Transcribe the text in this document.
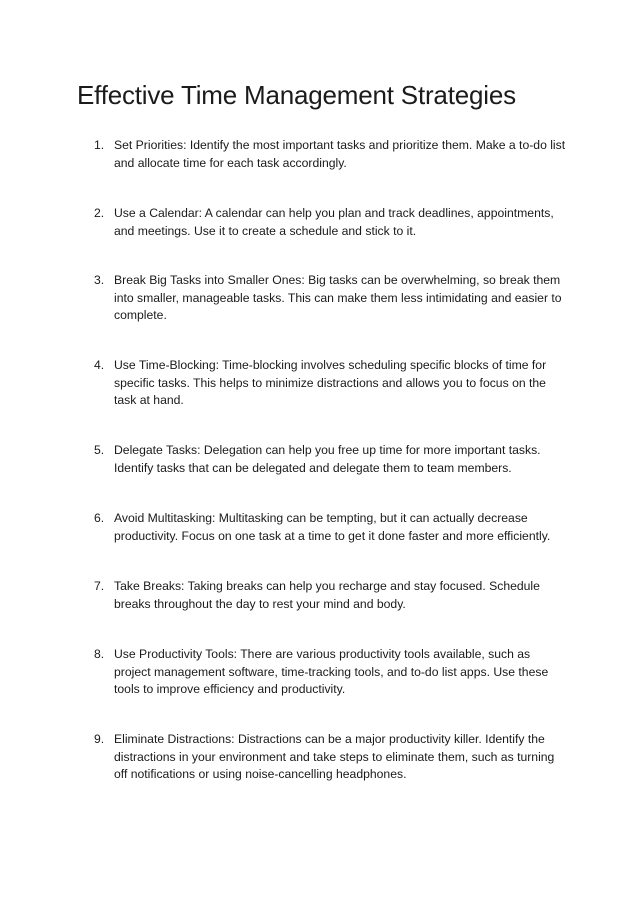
Effective Time Management Strategies
1. Set Priorities: Identify the most important tasks and prioritize them. Make a to-do list and allocate time for each task accordingly.
2. Use a Calendar: A calendar can help you plan and track deadlines, appointments, and meetings. Use it to create a schedule and stick to it.
3. Break Big Tasks into Smaller Ones: Big tasks can be overwhelming, so break them into smaller, manageable tasks. This can make them less intimidating and easier to complete.
4. Use Time-Blocking: Time-blocking involves scheduling specific blocks of time for specific tasks. This helps to minimize distractions and allows you to focus on the task at hand.
5. Delegate Tasks: Delegation can help you free up time for more important tasks. Identify tasks that can be delegated and delegate them to team members.
6. Avoid Multitasking: Multitasking can be tempting, but it can actually decrease productivity. Focus on one task at a time to get it done faster and more efficiently.
7. Take Breaks: Taking breaks can help you recharge and stay focused. Schedule breaks throughout the day to rest your mind and body.
8. Use Productivity Tools: There are various productivity tools available, such as project management software, time-tracking tools, and to-do list apps. Use these tools to improve efficiency and productivity.
9. Eliminate Distractions: Distractions can be a major productivity killer. Identify the distractions in your environment and take steps to eliminate them, such as turning off notifications or using noise-cancelling headphones.
